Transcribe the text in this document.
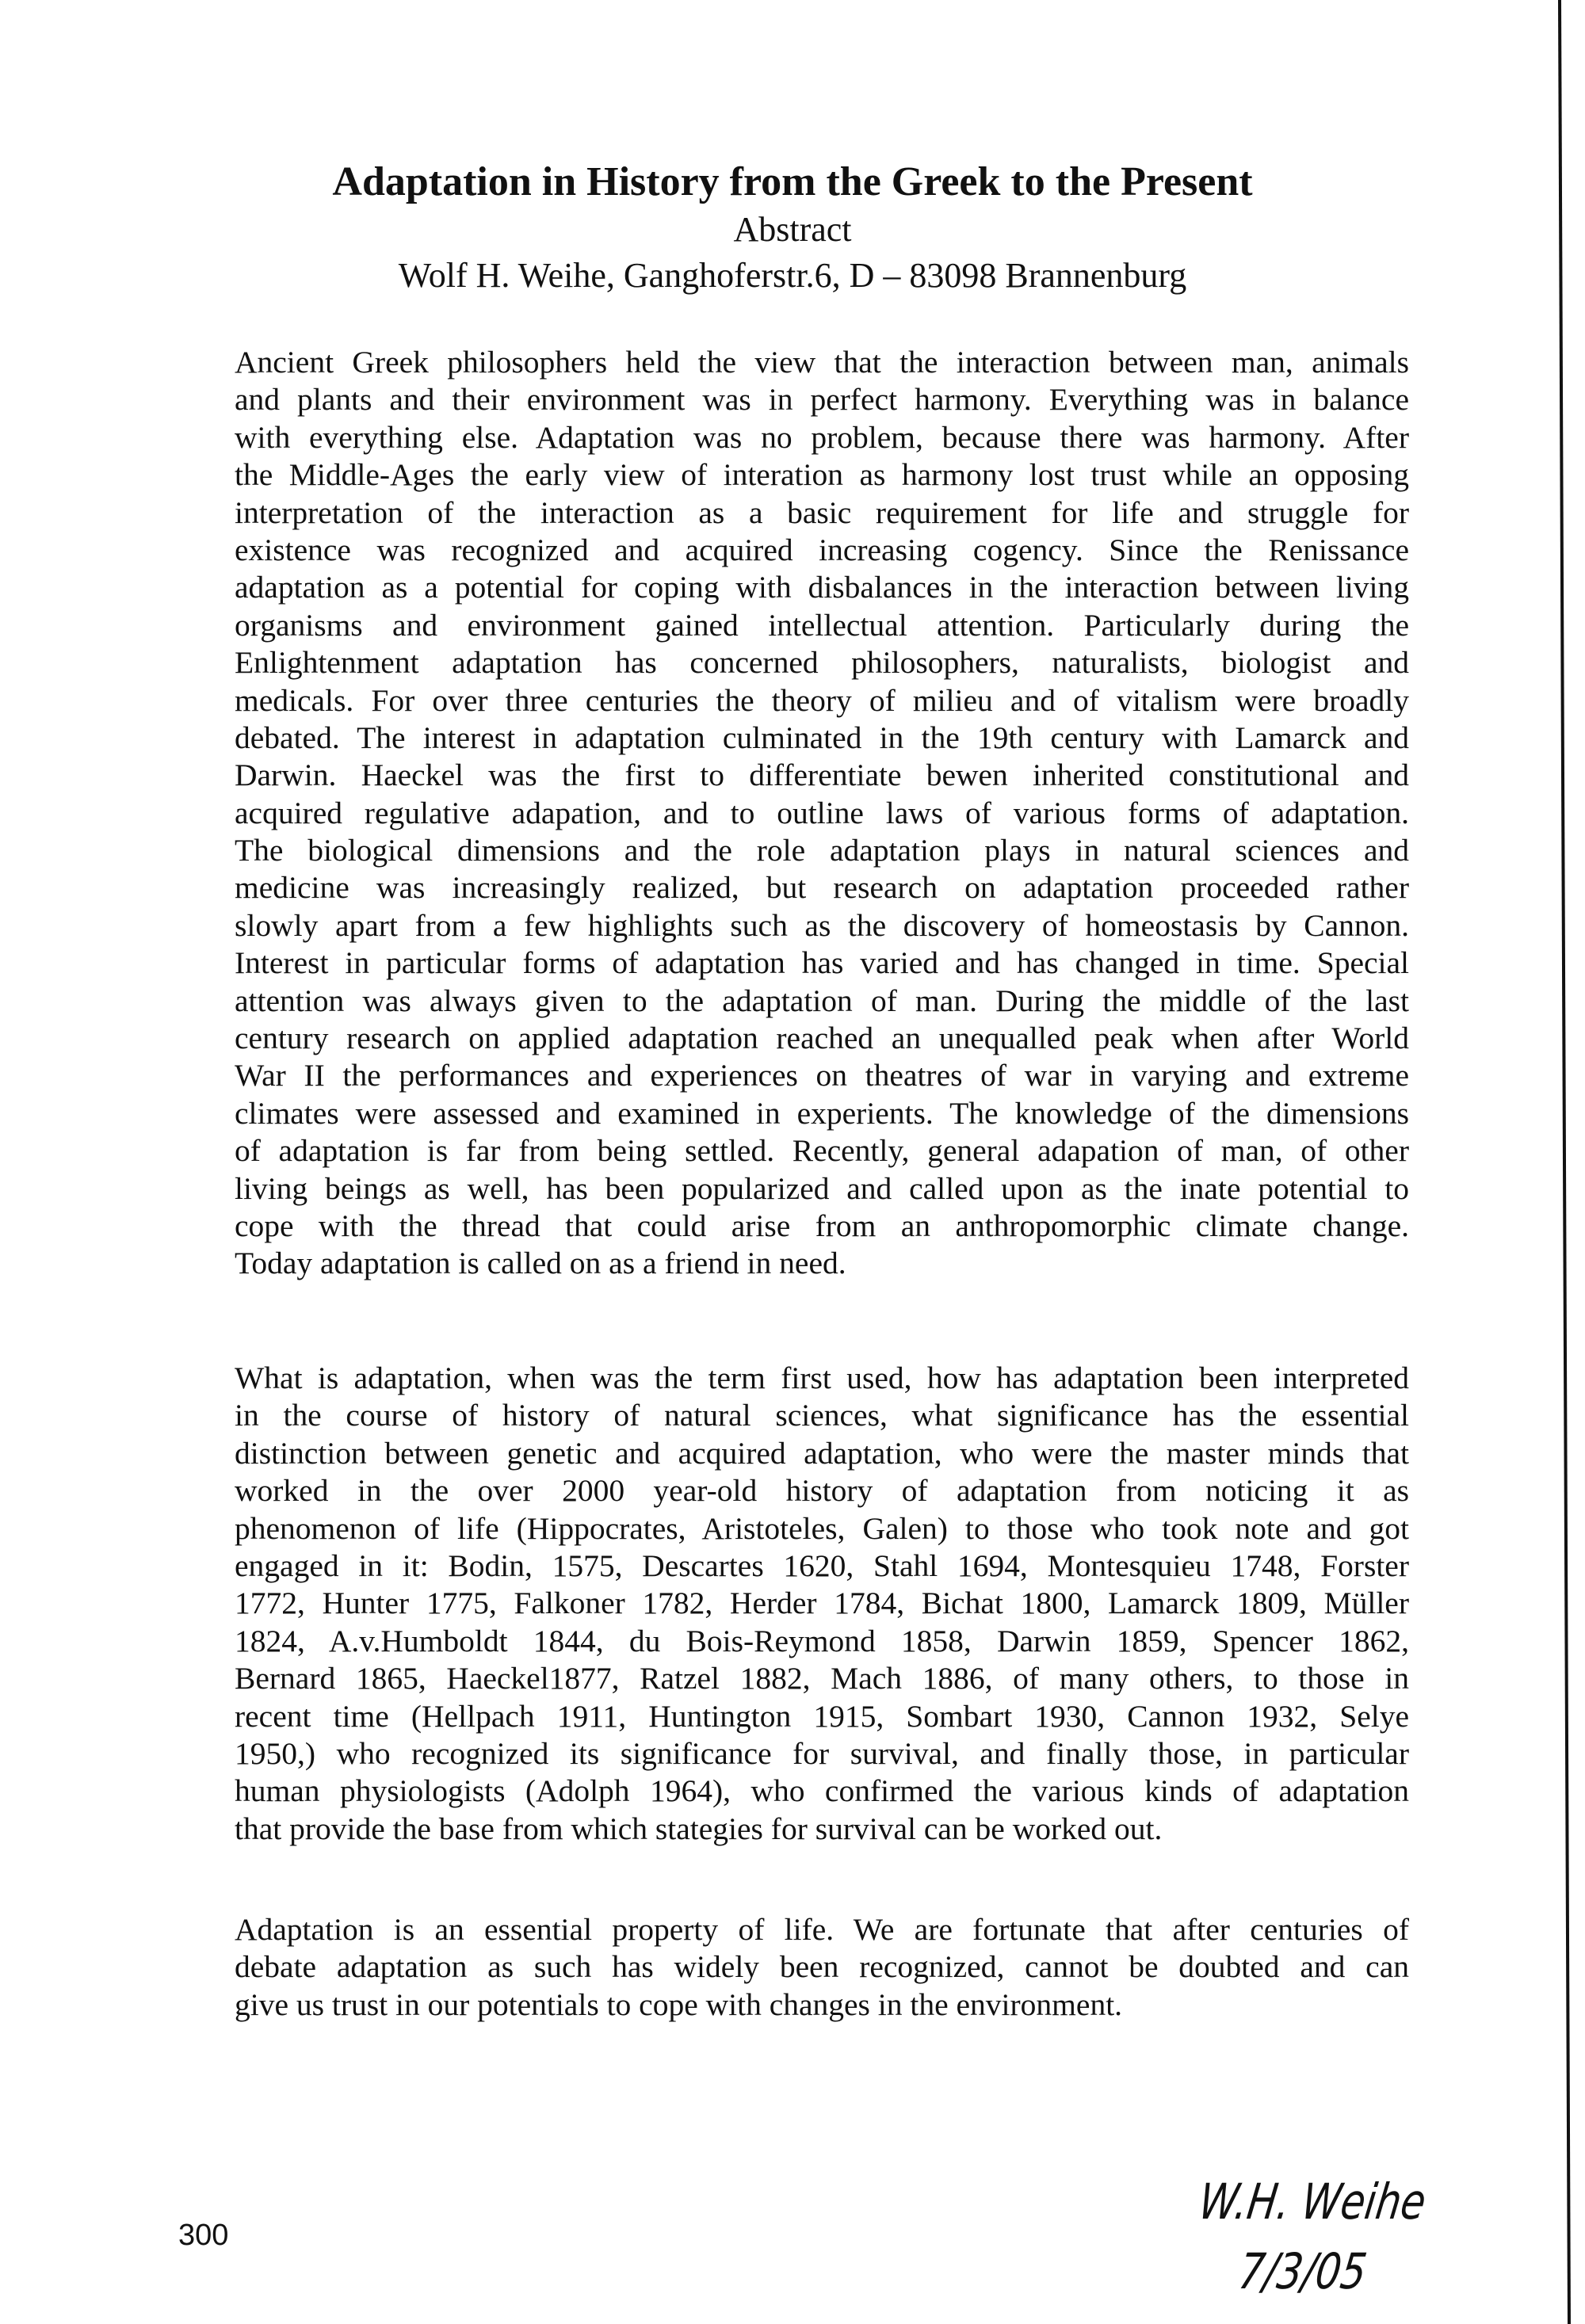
Adaptation in History from the Greek to the Present
Abstract
Wolf H. Weihe, Ganghoferstr.6, D – 83098 Brannenburg
Ancient Greek philosophers held the view that the interaction between man, animals
and plants and their environment was in perfect harmony. Everything was in balance
with everything else. Adaptation was no problem, because there was harmony. After
the Middle-Ages the early view of interation as harmony lost trust while an opposing
interpretation of the interaction as a basic requirement for life and struggle for
existence was recognized and acquired increasing cogency. Since the Renissance
adaptation as a potential for coping with disbalances in the interaction between living
organisms and environment gained intellectual attention. Particularly during the
Enlightenment adaptation has concerned philosophers, naturalists, biologist and
medicals. For over three centuries the theory of milieu and of vitalism were broadly
debated. The interest in adaptation culminated in the 19th century with Lamarck and
Darwin. Haeckel was the first to differentiate bewen inherited constitutional and
acquired regulative adapation, and to outline laws of various forms of adaptation.
The biological dimensions and the role adaptation plays in natural sciences and
medicine was increasingly realized, but research on adaptation proceeded rather
slowly apart from a few highlights such as the discovery of homeostasis by Cannon.
Interest in particular forms of adaptation has varied and has changed in time. Special
attention was always given to the adaptation of man. During the middle of the last
century research on applied adaptation reached an unequalled peak when after World
War II the performances and experiences on theatres of war in varying and extreme
climates were assessed and examined in experients. The knowledge of the dimensions
of adaptation is far from being settled. Recently, general adapation of man, of other
living beings as well, has been popularized and called upon as the inate potential to
cope with the thread that could arise from an anthropomorphic climate change.
Today adaptation is called on as a friend in need.
What is adaptation, when was the term first used, how has adaptation been interpreted
in the course of history of natural sciences, what significance has the essential
distinction between genetic and acquired adaptation, who were the master minds that
worked in the over 2000 year-old history of adaptation from noticing it as
phenomenon of life (Hippocrates, Aristoteles, Galen) to those who took note and got
engaged in it: Bodin, 1575, Descartes 1620, Stahl 1694, Montesquieu 1748, Forster
1772, Hunter 1775, Falkoner 1782, Herder 1784, Bichat 1800, Lamarck 1809, Müller
1824, A.v.Humboldt 1844, du Bois-Reymond 1858, Darwin 1859, Spencer 1862,
Bernard 1865, Haeckel1877, Ratzel 1882, Mach 1886, of many others, to those in
recent time (Hellpach 1911, Huntington 1915, Sombart 1930, Cannon 1932, Selye
1950,) who recognized its significance for survival, and finally those, in particular
human physiologists (Adolph 1964), who confirmed the various kinds of adaptation
that provide the base from which stategies for survival can be worked out.
Adaptation is an essential property of life. We are fortunate that after centuries of
debate adaptation as such has widely been recognized, cannot be doubted and can
give us trust in our potentials to cope with changes in the environment.
300
W.H. Weihe
7/3/05
